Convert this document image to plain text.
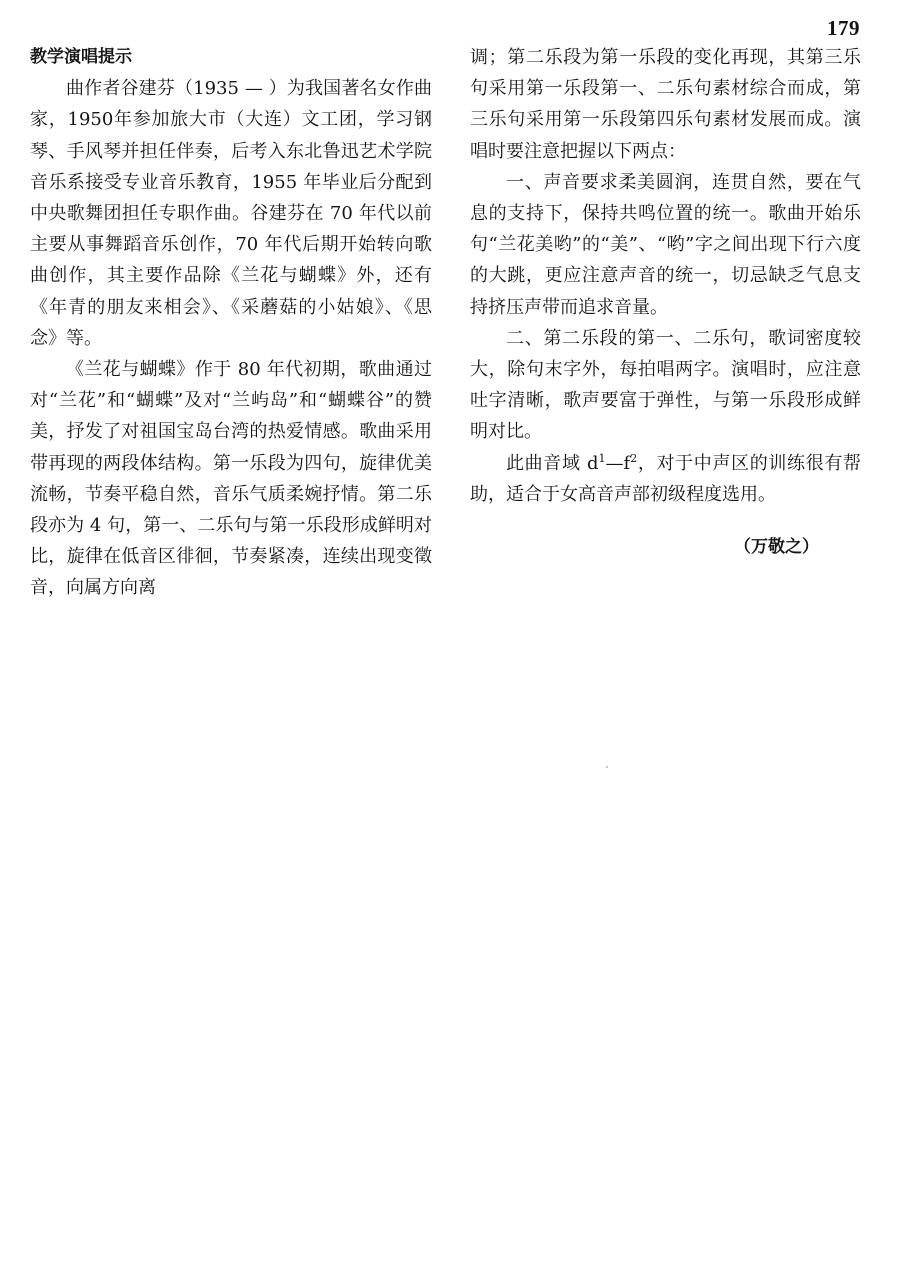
179

教学演唱提示

曲作者谷建芬（1935 — ）为我国著名女作曲家，1950年参加旅大市（大连）文工团，学习钢琴、手风琴并担任伴奏，后考入东北鲁迅艺术学院音乐系接受专业音乐教育，1955 年毕业后分配到中央歌舞团担任专职作曲。谷建芬在 70 年代以前主要从事舞蹈音乐创作，70 年代后期开始转向歌曲创作，其主要作品除《兰花与蝴蝶》外，还有《年青的朋友来相会》、《采蘑菇的小姑娘》、《思念》等。

《兰花与蝴蝶》作于 80 年代初期，歌曲通过对“兰花”和“蝴蝶”及对“兰屿岛”和“蝴蝶谷”的赞美，抒发了对祖国宝岛台湾的热爱情感。歌曲采用带再现的两段体结构。第一乐段为四句，旋律优美流畅，节奏平稳自然，音乐气质柔婉抒情。第二乐段亦为 4 句，第一、二乐句与第一乐段形成鲜明对比，旋律在低音区徘徊，节奏紧凑，连续出现变徵音，向属方向离

调；第二乐段为第一乐段的变化再现，其第三乐句采用第一乐段第一、二乐句素材综合而成，第三乐句采用第一乐段第四乐句素材发展而成。演唱时要注意把握以下两点：

一、声音要求柔美圆润，连贯自然，要在气息的支持下，保持共鸣位置的统一。歌曲开始乐句“兰花美哟”的“美”、“哟”字之间出现下行六度的大跳，更应注意声音的统一，切忌缺乏气息支持挤压声带而追求音量。

二、第二乐段的第一、二乐句，歌词密度较大，除句末字外，每拍唱两字。演唱时，应注意吐字清晰，歌声要富于弹性，与第一乐段形成鲜明对比。

此曲音域 $d^1—f^2$，对于中声区的训练很有帮助，适合于女高音声部初级程度选用。

（万敬之）
